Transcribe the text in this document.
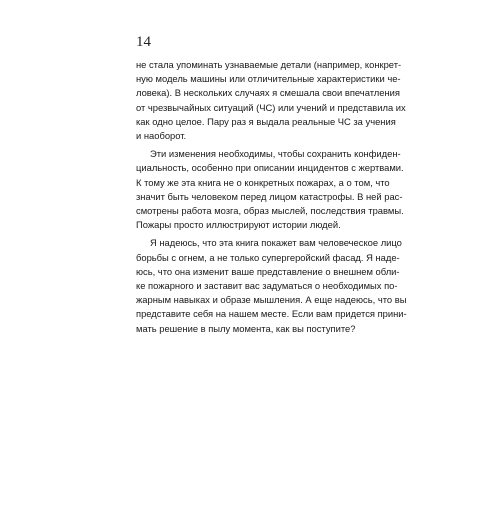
14

не стала упоминать узнаваемые детали (например, конкрет-
ную модель машины или отличительные характеристики че-
ловека). В нескольких случаях я смешала свои впечатления
от чрезвычайных ситуаций (ЧС) или учений и представила их
как одно целое. Пару раз я выдала реальные ЧС за учения
и наоборот.

Эти изменения необходимы, чтобы сохранить конфиден-
циальность, особенно при описании инцидентов с жертвами.
К тому же эта книга не о конкретных пожарах, а о том, что
значит быть человеком перед лицом катастрофы. В ней рас-
смотрены работа мозга, образ мыслей, последствия травмы.
Пожары просто иллюстрируют истории людей.

Я надеюсь, что эта книга покажет вам человеческое лицо
борьбы с огнем, а не только супергеройский фасад. Я наде-
юсь, что она изменит ваше представление о внешнем обли-
ке пожарного и заставит вас задуматься о необходимых по-
жарным навыках и образе мышления. А еще надеюсь, что вы
представите себя на нашем месте. Если вам придется прини-
мать решение в пылу момента, как вы поступите?
